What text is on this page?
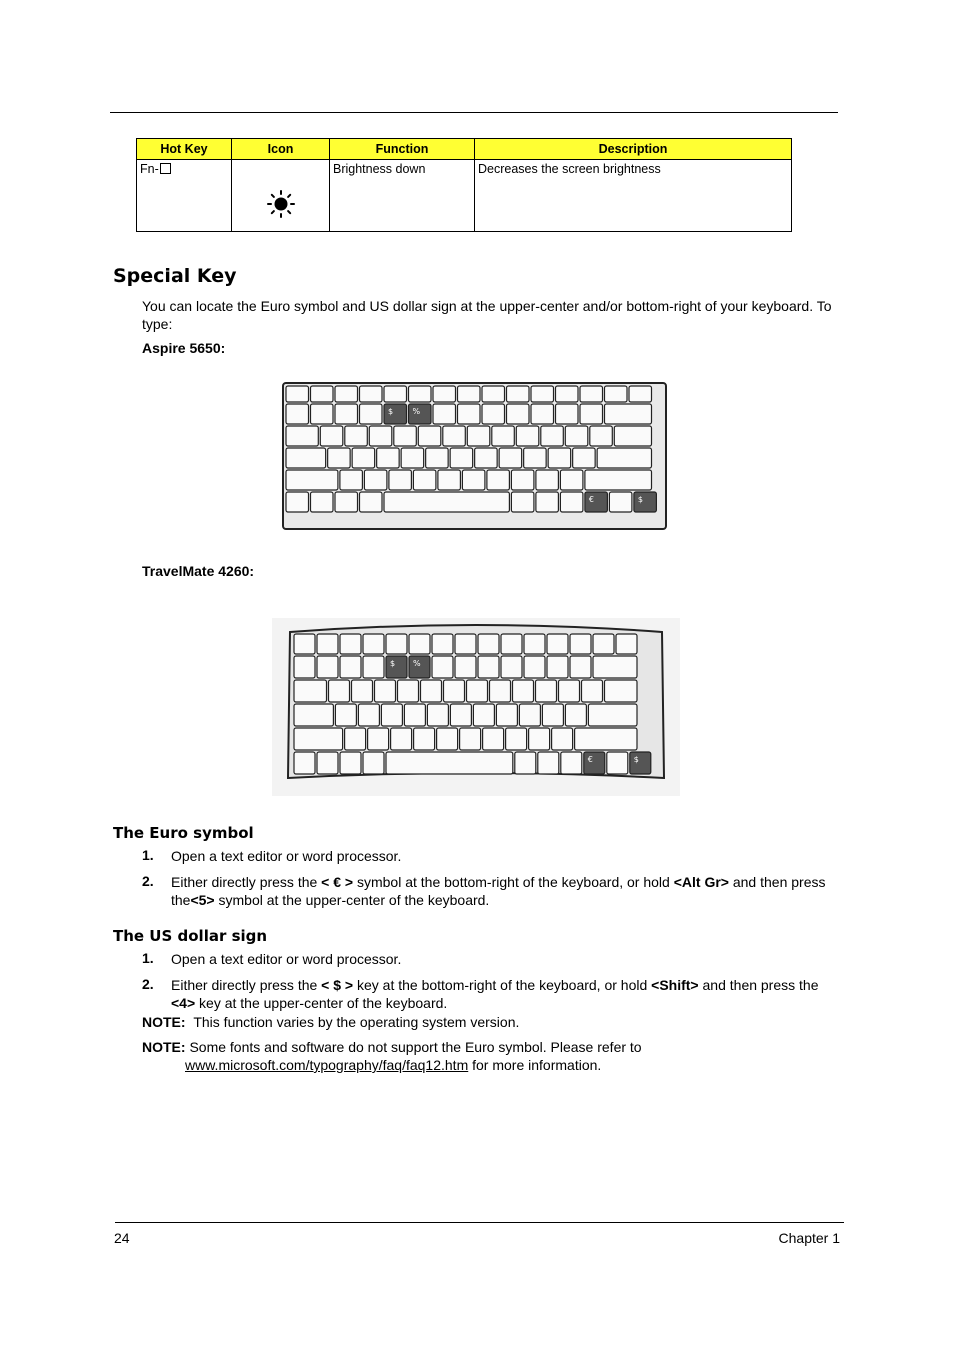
Hot Key	Icon	Function	Description
Fn-		Brightness down	Decreases the screen brightness
Special Key

You can locate the Euro symbol and US dollar sign at the upper-center and/or bottom-right of your keyboard. To type:

Aspire 5650:

$ %
€	$

TravelMate 4260:

$ %
€	$
The Euro symbol
1. Open a text editor or word processor.

2. Either directly press the < € > symbol at the bottom-right of the keyboard, or hold <Alt Gr> and then press the<5> symbol at the upper-center of the keyboard.

The US dollar sign
1. Open a text editor or word processor.

2. Either directly press the < $ > key at the bottom-right of the keyboard, or hold <Shift> and then press the <4> key at the upper-center of the keyboard.

NOTE: This function varies by the operating system version.

NOTE: Some fonts and software do not support the Euro symbol. Please refer to www.microsoft.com/typography/faq/faq12.htm for more information.

24	Chapter 1
